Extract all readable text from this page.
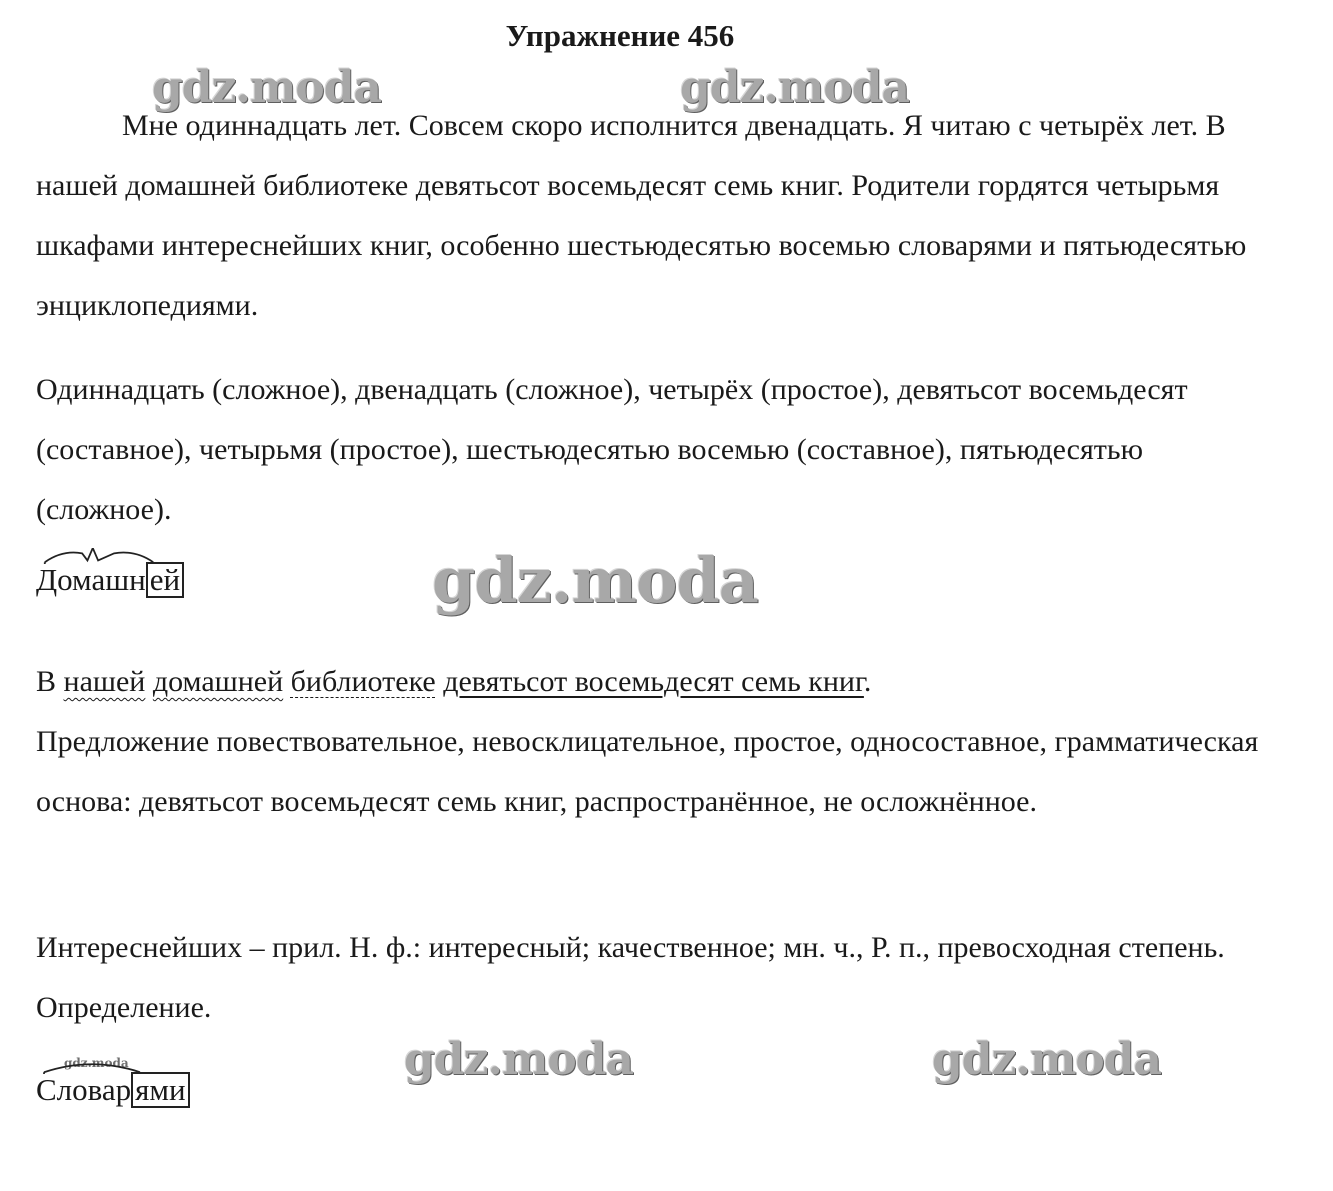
Упражнение 456
gdz.moda	gdz.moda
Мне одиннадцать лет. Совсем скоро исполнится двенадцать. Я читаю с четырёх лет. В нашей домашней библиотеке девятьсот восемьдесят семь книг. Родители гордятся четырьмя шкафами интереснейших книг, особенно шестьюдесятью восемью словарями и пятьюдесятью энциклопедиями.
Одиннадцать (сложное), двенадцать (сложное), четырёх (простое), девятьсот восемьдесят (составное), четырьмя (простое), шестьюдесятью восемью (составное), пятьюдесятью (сложное).
Домашн ей	gdz.moda
В нашей домашней библиотеке девятьсот восемьдесят семь книг.
Предложение повествовательное, невосклицательное, простое, односоставное, грамматическая основа: девятьсот восемьдесят семь книг, распространённое, не осложнённое.
Интереснейших – прил. Н. ф.: интересный; качественное; мн. ч., Р. п., превосходная степень. Определение.
gdz.moda
Словар ями
gdz.moda	gdz.moda
